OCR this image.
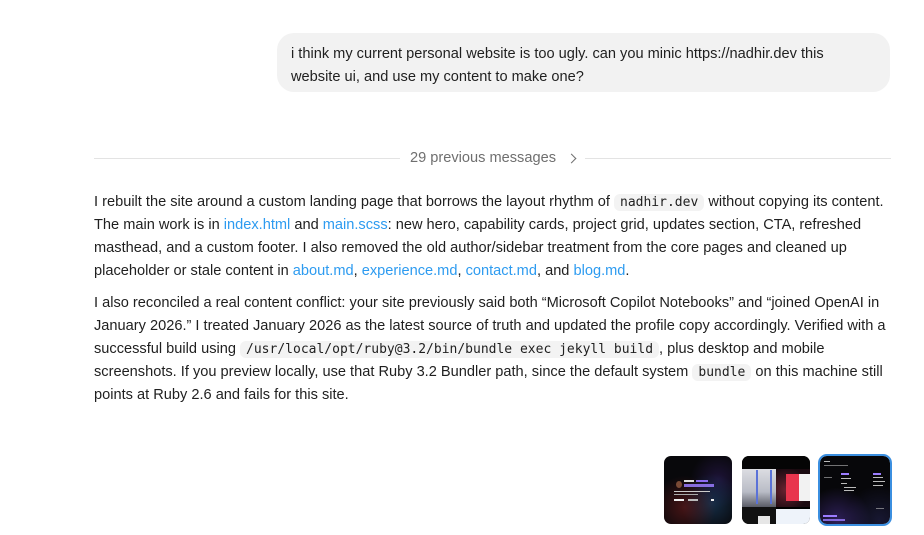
i think my current personal website is too ugly. can you minic https://nadhir.dev this website ui, and use my content to make one?
29 previous messages

I rebuilt the site around a custom landing page that borrows the layout rhythm of nadhir.dev without copying its content. The main work is in index.html and main.scss: new hero, capability cards, project grid, updates section, CTA, refreshed masthead, and a custom footer. I also removed the old author/sidebar treatment from the core pages and cleaned up placeholder or stale content in about.md, experience.md, contact.md, and blog.md.

I also reconciled a real content conflict: your site previously said both “Microsoft Copilot Notebooks” and “joined OpenAI in January 2026.” I treated January 2026 as the latest source of truth and updated the profile copy accordingly. Verified with a successful build using /usr/local/opt/ruby@3.2/bin/bundle exec jekyll build , plus desktop and mobile screenshots. If you preview locally, use that Ruby 3.2 Bundler path, since the default system bundle on this machine still points at Ruby 2.6 and fails for this site.
